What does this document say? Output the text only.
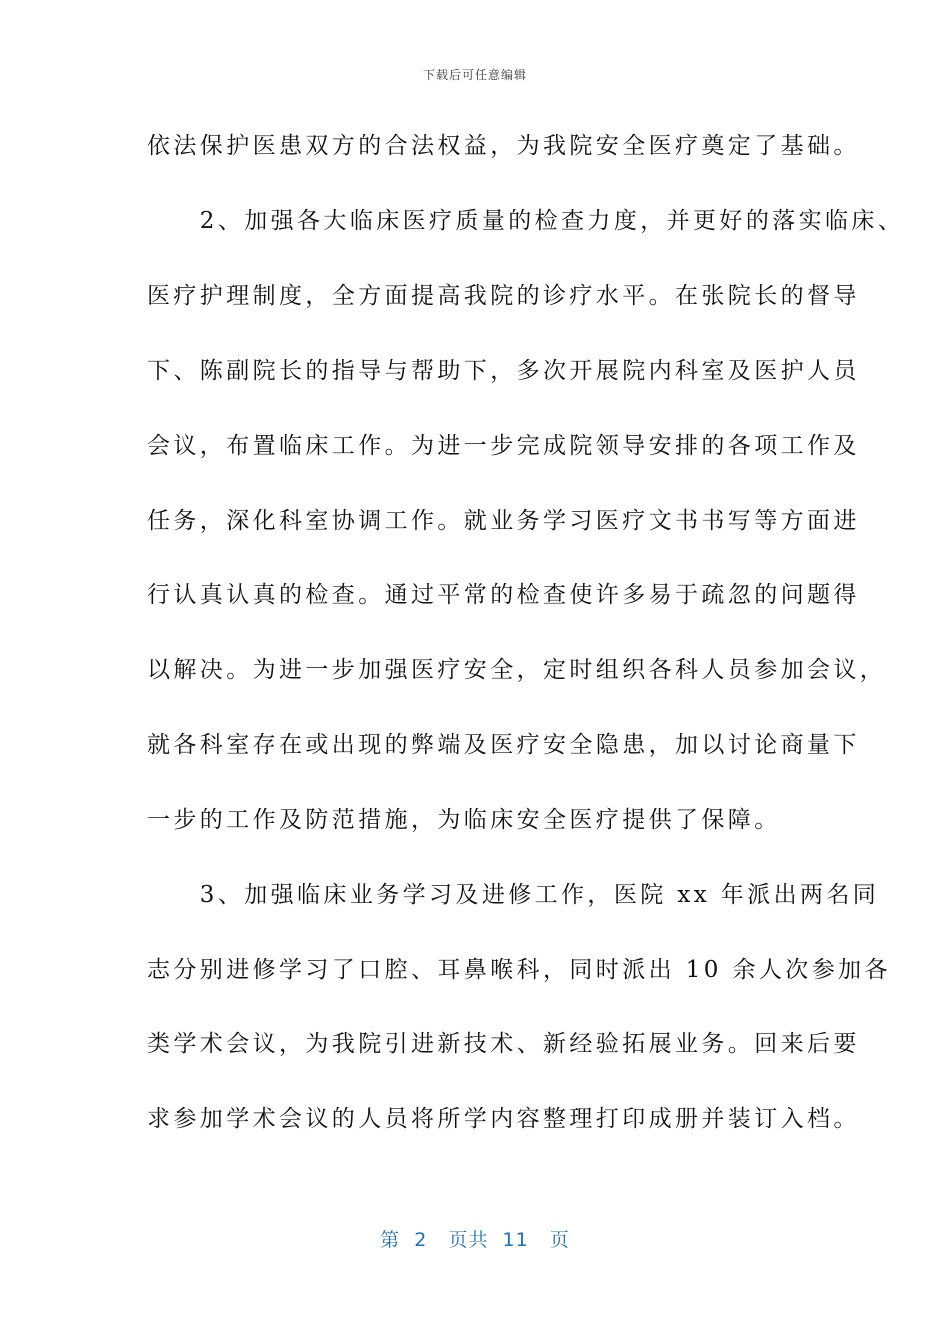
下载后可任意编辑
依法保护医患双方的合法权益，为我院安全医疗奠定了基础。
　　2、加强各大临床医疗质量的检查力度，并更好的落实临床、
医疗护理制度，全方面提高我院的诊疗水平。在张院长的督导
下、陈副院长的指导与帮助下，多次开展院内科室及医护人员
会议，布置临床工作。为进一步完成院领导安排的各项工作及
任务，深化科室协调工作。就业务学习医疗文书书写等方面进
行认真认真的检查。通过平常的检查使许多易于疏忽的问题得
以解决。为进一步加强医疗安全，定时组织各科人员参加会议，
就各科室存在或出现的弊端及医疗安全隐患，加以讨论商量下
一步的工作及防范措施，为临床安全医疗提供了保障。
　　3、加强临床业务学习及进修工作，医院 xx 年派出两名同
志分别进修学习了口腔、耳鼻喉科，同时派出 10 余人次参加各
类学术会议，为我院引进新技术、新经验拓展业务。回来后要
求参加学术会议的人员将所学内容整理打印成册并装订入档。
第  2   页共  11   页
